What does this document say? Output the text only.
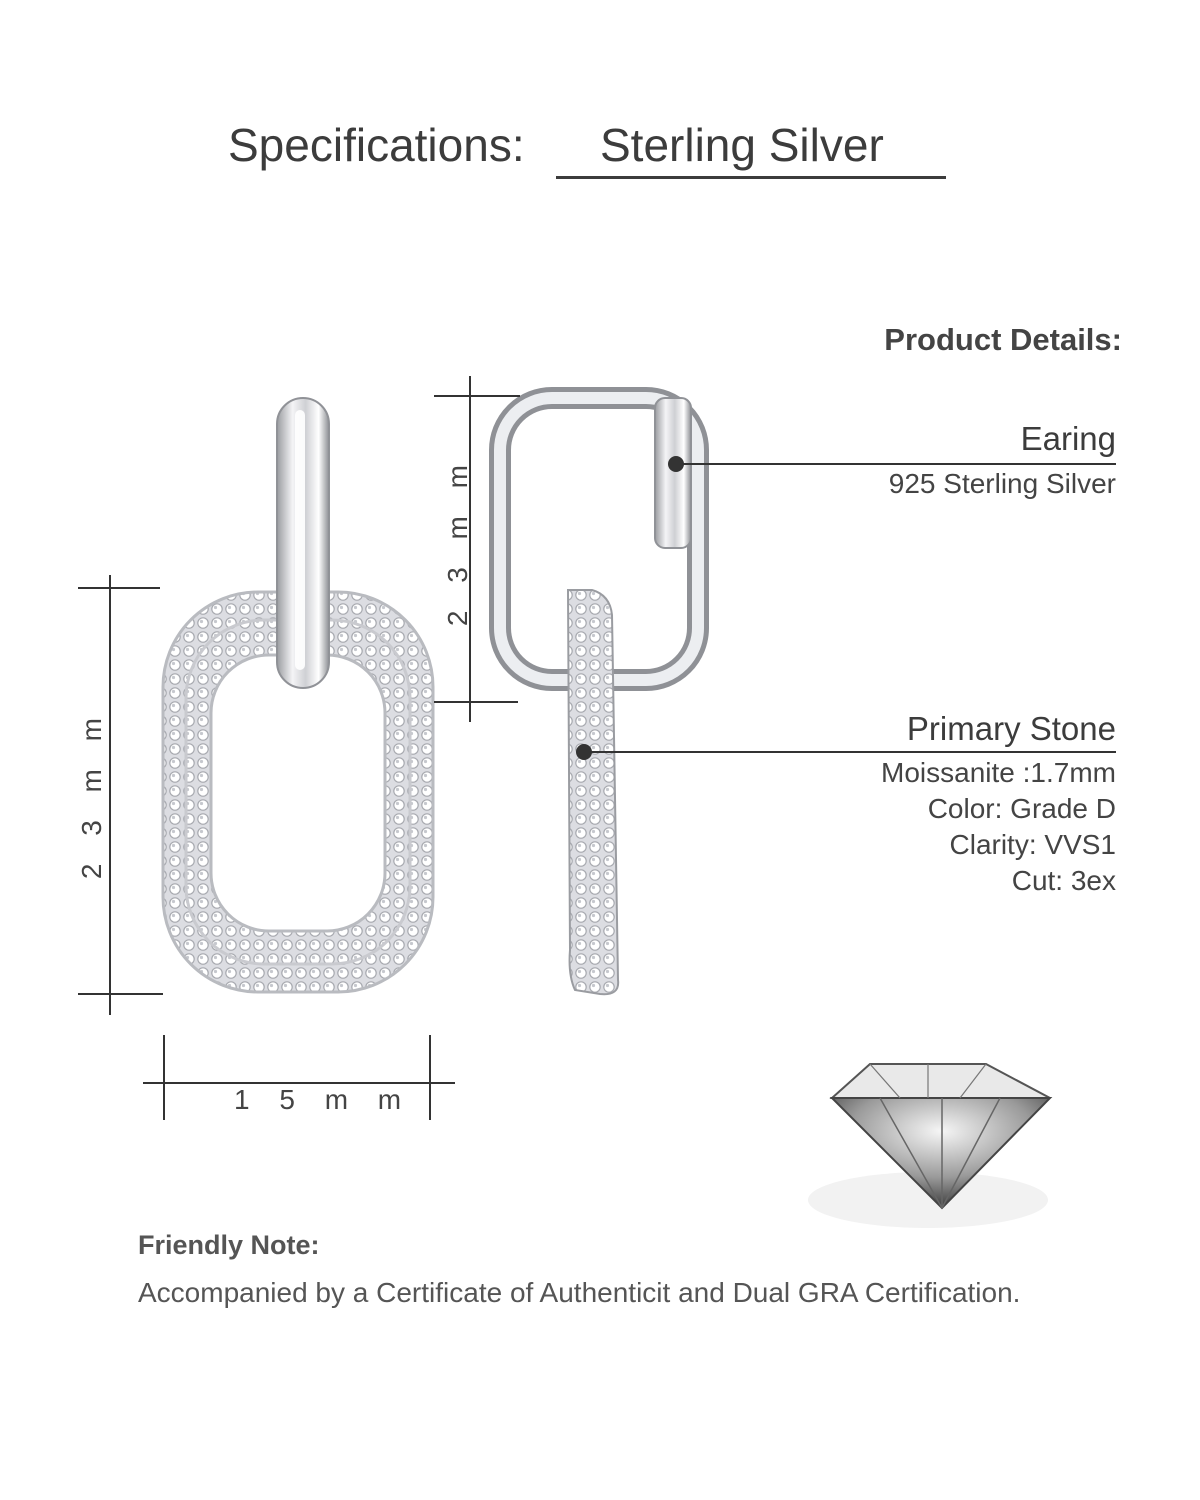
Specifications:	Sterling Silver
2 3 m m
2 3 m m
1 5 m m
Product Details:
Earing
925 Sterling Silver
Primary Stone
Moissanite :1.7mm
Color: Grade D
Clarity: VVS1
Cut: 3ex
Friendly Note:
Accompanied by a Certificate of Authenticit and Dual GRA Certification.
